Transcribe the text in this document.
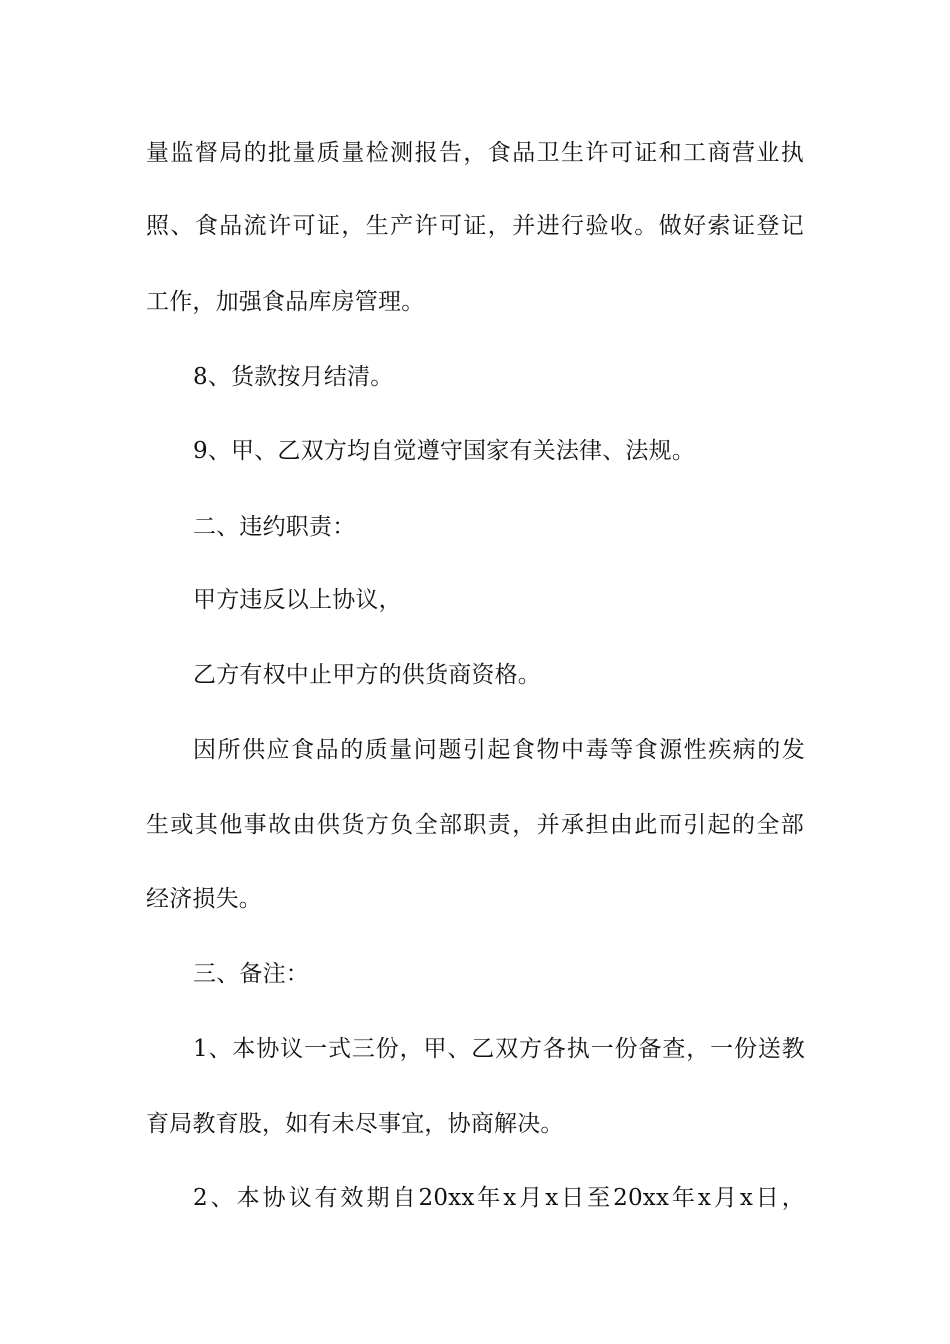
量监督局的批量质量检测报告，食品卫生许可证和工商营业执
照、食品流许可证，生产许可证，并进行验收。做好索证登记
工作，加强食品库房管理。
8、货款按月结清。
9、甲、乙双方均自觉遵守国家有关法律、法规。
二、违约职责：
甲方违反以上协议，
乙方有权中止甲方的供货商资格。
因所供应食品的质量问题引起食物中毒等食源性疾病的发
生或其他事故由供货方负全部职责，并承担由此而引起的全部
经济损失。
三、备注：
1、本协议一式三份，甲、乙双方各执一份备查，一份送教
育局教育股，如有未尽事宜，协商解决。
2、本协议有效期自20xx年x月x日至20xx年x月x日，
